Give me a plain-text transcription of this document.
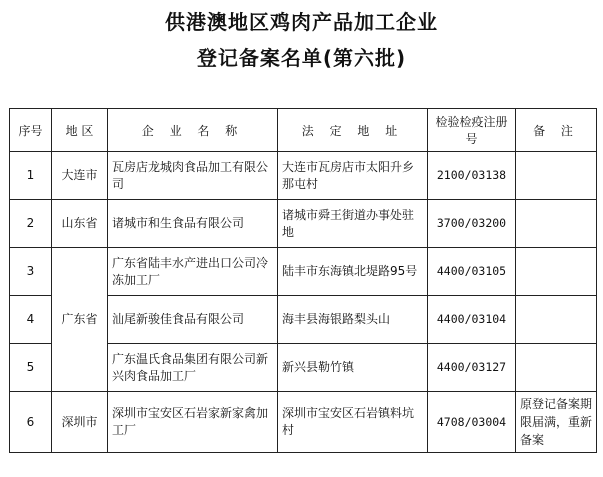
供港澳地区鸡肉产品加工企业
登记备案名单(第六批)
序号	地 区	企 业 名 称	法 定 地 址	检验检疫注册号	备 注
1	大连市	瓦房店龙城肉食品加工有限公司	大连市瓦房店市太阳升乡那屯村	2100/03138	
2	山东省	诸城市和生食品有限公司	诸城市舜王街道办事处驻地	3700/03200	
3	广东省	广东省陆丰水产进出口公司冷冻加工厂	陆丰市东海镇北堤路95号	4400/03105	
4		汕尾新骏佳食品有限公司	海丰县海银路梨头山	4400/03104	
5		广东温氏食品集团有限公司新兴肉食品加工厂	新兴县勒竹镇	4400/03127	
6	深圳市	深圳市宝安区石岩家新家禽加工厂	深圳市宝安区石岩镇料坑村	4708/03004	原登记备案期限届满，重新备案
